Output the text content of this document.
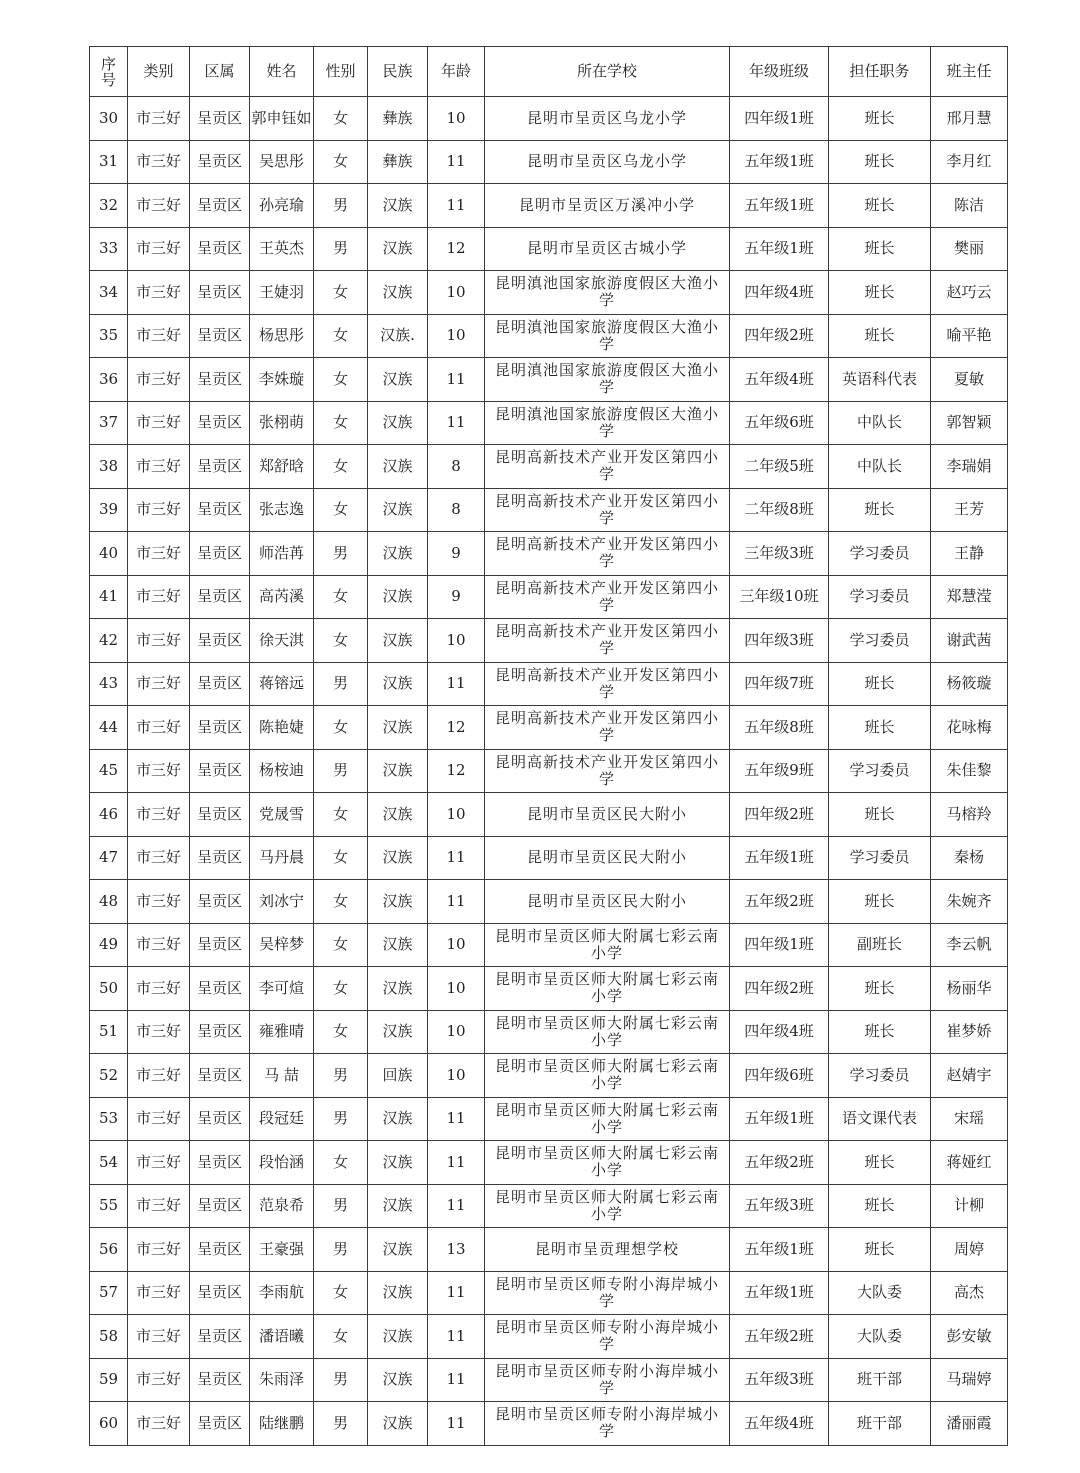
序
号	类别	区属	姓名	性别	民族	年龄	所在学校	年级班级	担任职务	班主任
30	市三好	呈贡区	郭申钰如	女	彝族	10	昆明市呈贡区乌龙小学	四年级1班	班长	邢月慧
31	市三好	呈贡区	吴思彤	女	彝族	11	昆明市呈贡区乌龙小学	五年级1班	班长	李月红
32	市三好	呈贡区	孙亮瑜	男	汉族	11	昆明市呈贡区万溪冲小学	五年级1班	班长	陈洁
33	市三好	呈贡区	王英杰	男	汉族	12	昆明市呈贡区古城小学	五年级1班	班长	樊丽
34	市三好	呈贡区	王婕羽	女	汉族	10	昆明滇池国家旅游度假区大渔小学	四年级4班	班长	赵巧云
35	市三好	呈贡区	杨思彤	女	汉族.	10	昆明滇池国家旅游度假区大渔小学	四年级2班	班长	喻平艳
36	市三好	呈贡区	李姝璇	女	汉族	11	昆明滇池国家旅游度假区大渔小学	五年级4班	英语科代表	夏敏
37	市三好	呈贡区	张栩萌	女	汉族	11	昆明滇池国家旅游度假区大渔小学	五年级6班	中队长	郭智颖
38	市三好	呈贡区	郑舒晗	女	汉族	8	昆明高新技术产业开发区第四小学	二年级5班	中队长	李瑞娟
39	市三好	呈贡区	张志逸	女	汉族	8	昆明高新技术产业开发区第四小学	二年级8班	班长	王芳
40	市三好	呈贡区	师浩苒	男	汉族	9	昆明高新技术产业开发区第四小学	三年级3班	学习委员	王静
41	市三好	呈贡区	高芮溪	女	汉族	9	昆明高新技术产业开发区第四小学	三年级10班	学习委员	郑慧滢
42	市三好	呈贡区	徐天淇	女	汉族	10	昆明高新技术产业开发区第四小学	四年级3班	学习委员	谢武茜
43	市三好	呈贡区	蒋镕远	男	汉族	11	昆明高新技术产业开发区第四小学	四年级7班	班长	杨筱璇
44	市三好	呈贡区	陈艳婕	女	汉族	12	昆明高新技术产业开发区第四小学	五年级8班	班长	花咏梅
45	市三好	呈贡区	杨桉迪	男	汉族	12	昆明高新技术产业开发区第四小学	五年级9班	学习委员	朱佳黎
46	市三好	呈贡区	党晟雪	女	汉族	10	昆明市呈贡区民大附小	四年级2班	班长	马榕羚
47	市三好	呈贡区	马丹晨	女	汉族	11	昆明市呈贡区民大附小	五年级1班	学习委员	秦杨
48	市三好	呈贡区	刘冰宁	女	汉族	11	昆明市呈贡区民大附小	五年级2班	班长	朱婉齐
49	市三好	呈贡区	吴梓梦	女	汉族	10	昆明市呈贡区师大附属七彩云南小学	四年级1班	副班长	李云帆
50	市三好	呈贡区	李可煊	女	汉族	10	昆明市呈贡区师大附属七彩云南小学	四年级2班	班长	杨丽华
51	市三好	呈贡区	雍雅晴	女	汉族	10	昆明市呈贡区师大附属七彩云南小学	四年级4班	班长	崔梦娇
52	市三好	呈贡区	马 喆	男	回族	10	昆明市呈贡区师大附属七彩云南小学	四年级6班	学习委员	赵婧宇
53	市三好	呈贡区	段冠廷	男	汉族	11	昆明市呈贡区师大附属七彩云南小学	五年级1班	语文课代表	宋瑶
54	市三好	呈贡区	段怡涵	女	汉族	11	昆明市呈贡区师大附属七彩云南小学	五年级2班	班长	蒋娅红
55	市三好	呈贡区	范泉希	男	汉族	11	昆明市呈贡区师大附属七彩云南小学	五年级3班	班长	计柳
56	市三好	呈贡区	王豪强	男	汉族	13	昆明市呈贡理想学校	五年级1班	班长	周婷
57	市三好	呈贡区	李雨航	女	汉族	11	昆明市呈贡区师专附小海岸城小学	五年级1班	大队委	高杰
58	市三好	呈贡区	潘语曦	女	汉族	11	昆明市呈贡区师专附小海岸城小学	五年级2班	大队委	彭安敏
59	市三好	呈贡区	朱雨泽	男	汉族	11	昆明市呈贡区师专附小海岸城小学	五年级3班	班干部	马瑞婷
60	市三好	呈贡区	陆继鹏	男	汉族	11	昆明市呈贡区师专附小海岸城小学	五年级4班	班干部	潘丽霞
